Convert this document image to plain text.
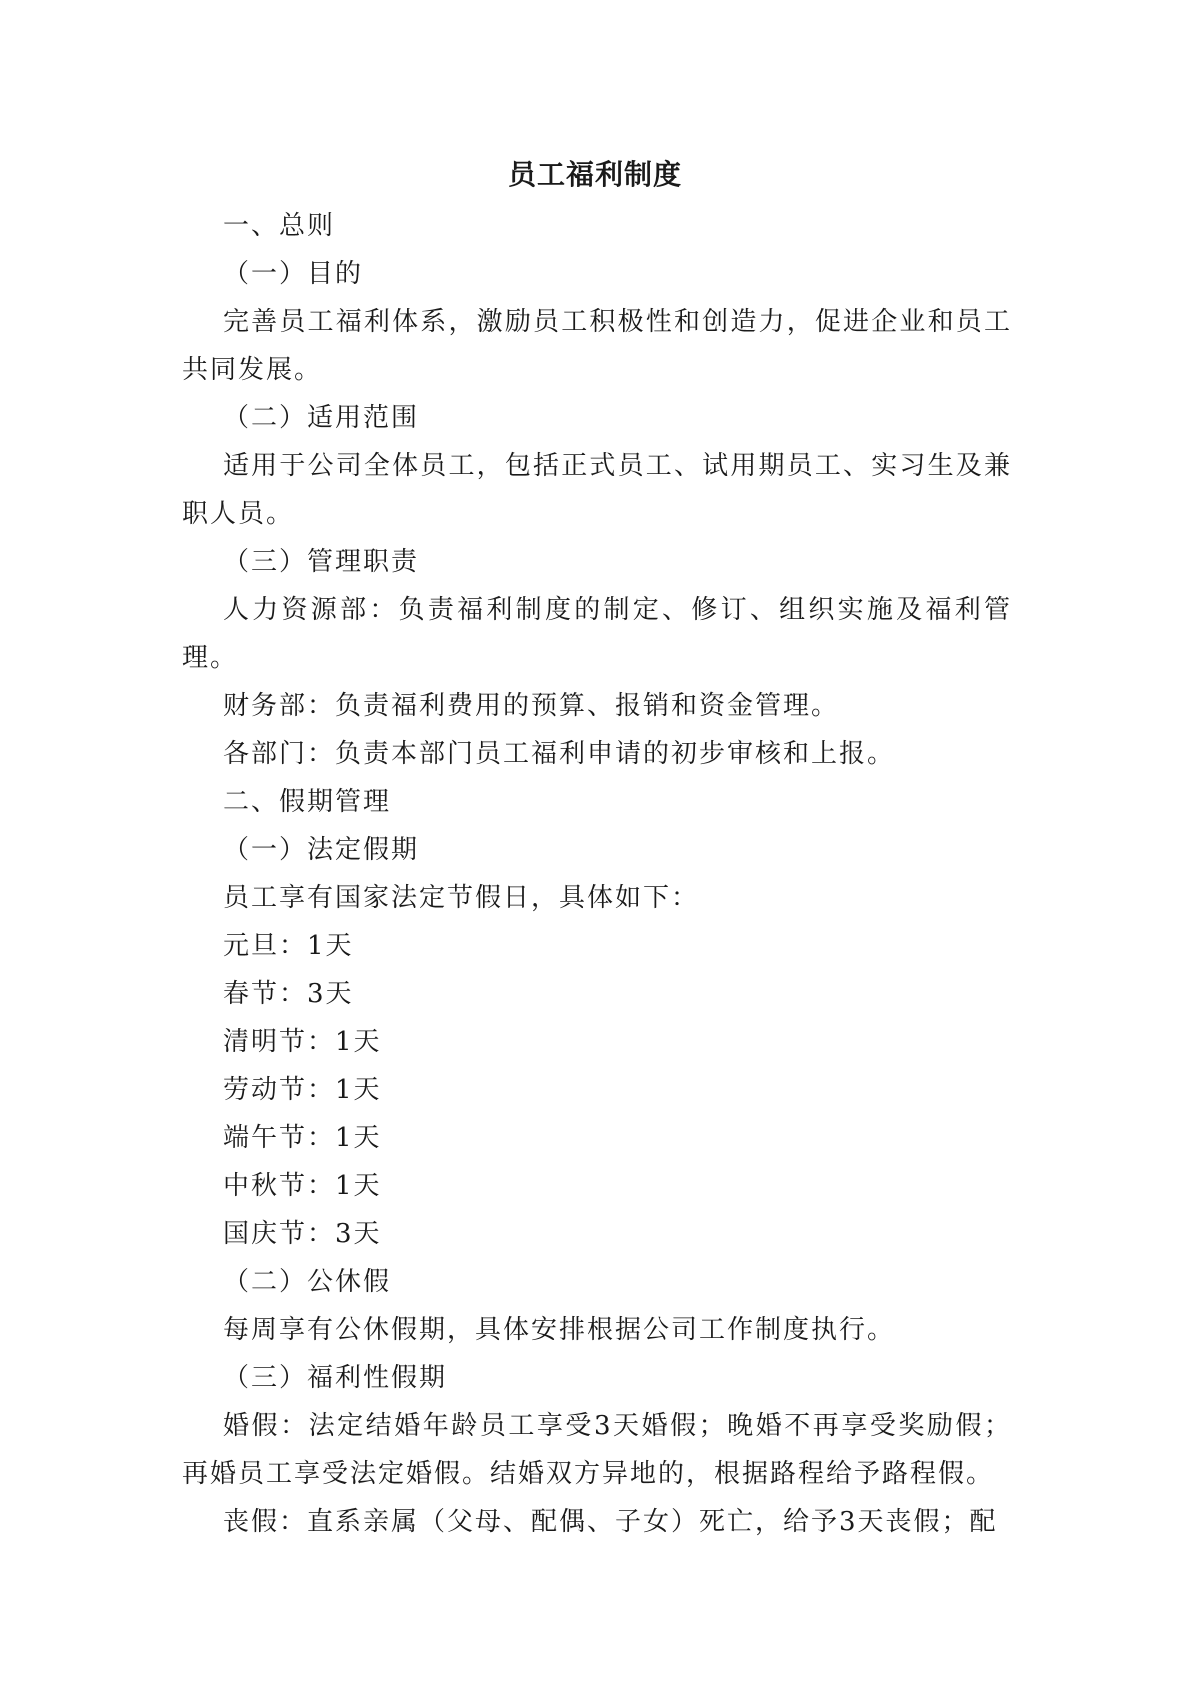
员工福利制度

一、总则

（一）目的

完善员工福利体系，激励员工积极性和创造力，促进企业和员工共同发展。

（二）适用范围

适用于公司全体员工，包括正式员工、试用期员工、实习生及兼职人员。

（三）管理职责

人力资源部：负责福利制度的制定、修订、组织实施及福利管理。

财务部：负责福利费用的预算、报销和资金管理。

各部门：负责本部门员工福利申请的初步审核和上报。

二、假期管理

（一）法定假期

员工享有国家法定节假日，具体如下：

元旦：1天

春节：3天

清明节：1天

劳动节：1天

端午节：1天

中秋节：1天

国庆节：3天

（二）公休假

每周享有公休假期，具体安排根据公司工作制度执行。

（三）福利性假期

婚假：法定结婚年龄员工享受3天婚假；晚婚不再享受奖励假；再婚员工享受法定婚假。结婚双方异地的，根据路程给予路程假。

丧假：直系亲属（父母、配偶、子女）死亡，给予3天丧假；配
